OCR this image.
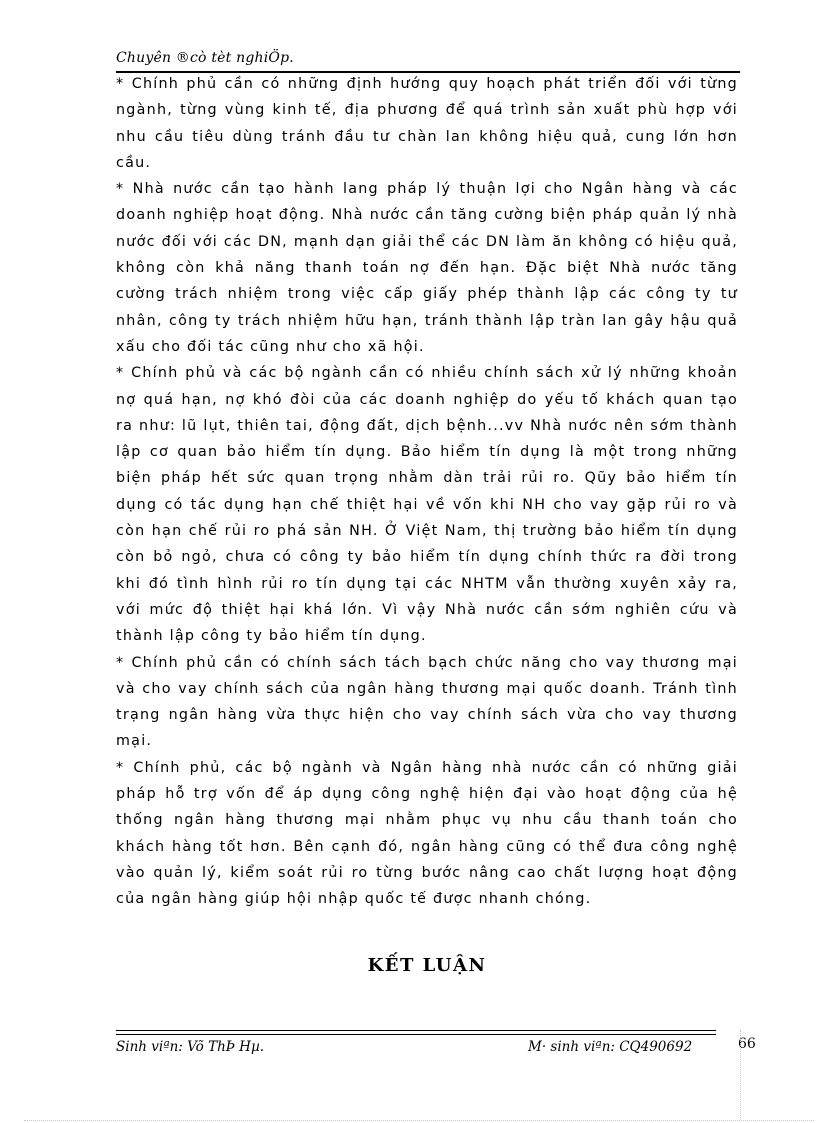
Chuyên ®cò tèt nghiÖp.

* Chính phủ cần có những định hướng quy hoạch phát triển đối với từng ngành, từng vùng kinh tế, địa phương để quá trình sản xuất phù hợp với nhu cầu tiêu dùng tránh đầu tư chàn lan không hiệu quả, cung lớn hơn cầu.

* Nhà nước cần tạo hành lang pháp lý thuận lợi cho Ngân hàng và các doanh nghiệp hoạt động. Nhà nước cần tăng cường biện pháp quản lý nhà nước đối với các DN, mạnh dạn giải thể các DN làm ăn không có hiệu quả, không còn khả năng thanh toán nợ đến hạn. Đặc biệt Nhà nước tăng cường trách nhiệm trong việc cấp giấy phép thành lập các công ty tư nhân, công ty trách nhiệm hữu hạn, tránh thành lập tràn lan gây hậu quả xấu cho đối tác cũng như cho xã hội.

* Chính phủ và các bộ ngành cần có nhiều chính sách xử lý những khoản nợ quá hạn, nợ khó đòi của các doanh nghiệp do yếu tố khách quan tạo ra như: lũ lụt, thiên tai, động đất, dịch bệnh...vv Nhà nước nên sớm thành lập cơ quan bảo hiểm tín dụng. Bảo hiểm tín dụng là một trong những biện pháp hết sức quan trọng nhằm dàn trải rủi ro. Qũy bảo hiểm tín dụng có tác dụng hạn chế thiệt hại về vốn khi NH cho vay gặp rủi ro và còn hạn chế rủi ro phá sản NH. Ở Việt Nam, thị trường bảo hiểm tín dụng còn bỏ ngỏ, chưa có công ty bảo hiểm tín dụng chính thức ra đời trong khi đó tình hình rủi ro tín dụng tại các NHTM vẫn thường xuyên xảy ra, với mức độ thiệt hại khá lớn. Vì vậy Nhà nước cần sớm nghiên cứu và thành lập công ty bảo hiểm tín dụng.

* Chính phủ cần có chính sách tách bạch chức năng cho vay thương mại và cho vay chính sách của ngân hàng thương mại quốc doanh. Tránh tình trạng ngân hàng vừa thực hiện cho vay chính sách vừa cho vay thương mại.

* Chính phủ, các bộ ngành và Ngân hàng nhà nước cần có những giải pháp hỗ trợ vốn để áp dụng công nghệ hiện đại vào hoạt động của hệ thống ngân hàng thương mại nhằm phục vụ nhu cầu thanh toán cho khách hàng tốt hơn. Bên cạnh đó, ngân hàng cũng có thể đưa công nghệ vào quản lý, kiểm soát rủi ro từng bước nâng cao chất lượng hoạt động của ngân hàng giúp hội nhập quốc tế được nhanh chóng.

KẾT LUẬN
Sinh viªn: Võ ThÞ Hµ.	M· sinh viªn: CQ490692	66
